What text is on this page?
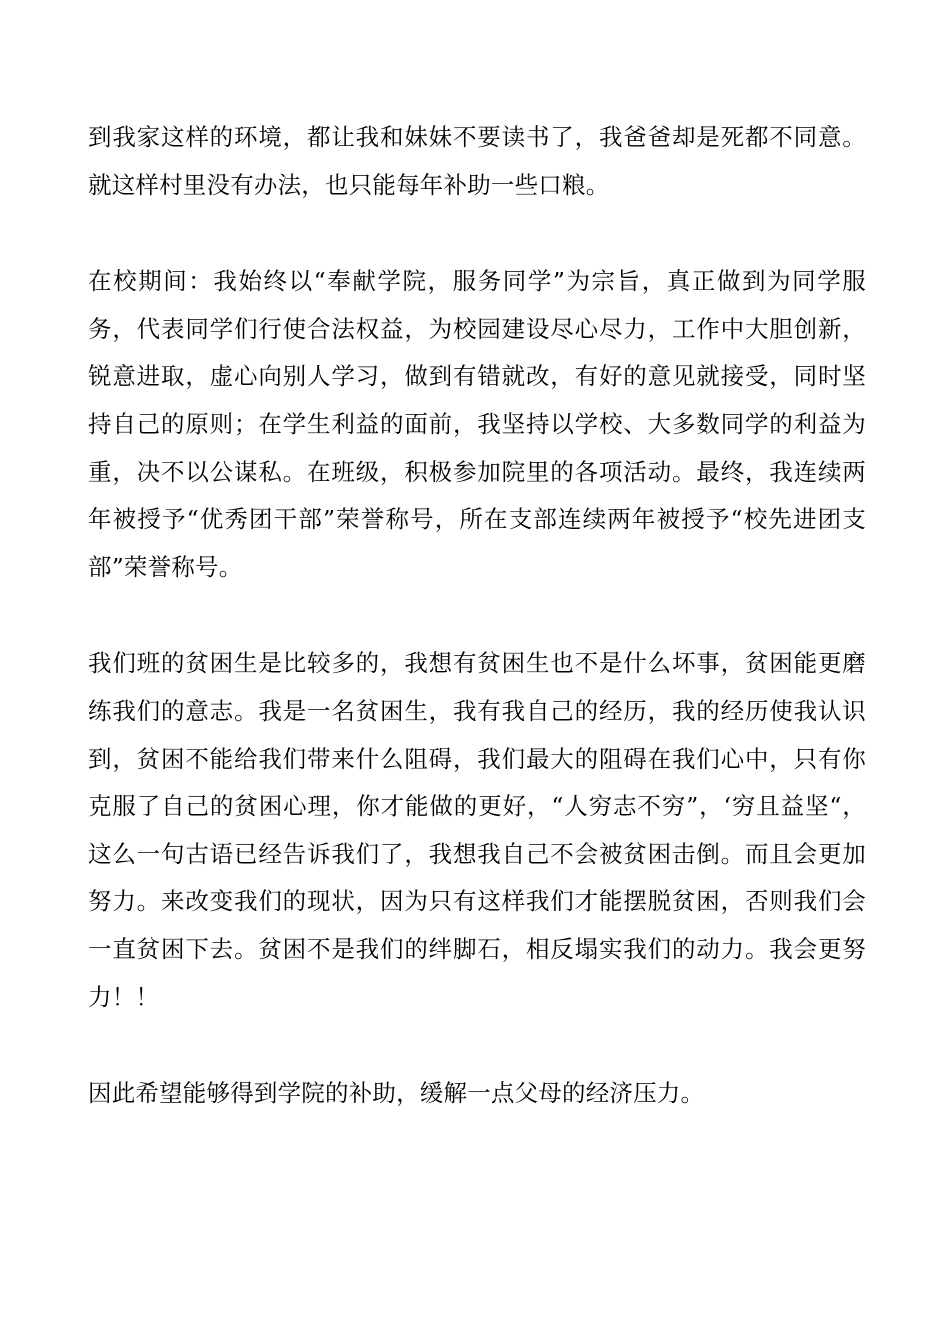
到我家这样的环境，都让我和妹妹不要读书了，我爸爸却是死都不同意。就这样村里没有办法，也只能每年补助一些口粮。

在校期间：我始终以“奉献学院，服务同学”为宗旨，真正做到为同学服务，代表同学们行使合法权益，为校园建设尽心尽力，工作中大胆创新，锐意进取，虚心向别人学习，做到有错就改，有好的意见就接受，同时坚持自己的原则；在学生利益的面前，我坚持以学校、大多数同学的利益为重，决不以公谋私。在班级，积极参加院里的各项活动。最终，我连续两年被授予“优秀团干部”荣誉称号，所在支部连续两年被授予“校先进团支部”荣誉称号。

我们班的贫困生是比较多的，我想有贫困生也不是什么坏事，贫困能更磨练我们的意志。我是一名贫困生，我有我自己的经历，我的经历使我认识到，贫困不能给我们带来什么阻碍，我们最大的阻碍在我们心中，只有你克服了自己的贫困心理，你才能做的更好，“人穷志不穷”，‘穷且益坚“，这么一句古语已经告诉我们了，我想我自己不会被贫困击倒。而且会更加努力。来改变我们的现状，因为只有这样我们才能摆脱贫困，否则我们会一直贫困下去。贫困不是我们的绊脚石，相反塌实我们的动力。我会更努力！！

因此希望能够得到学院的补助，缓解一点父母的经济压力。
